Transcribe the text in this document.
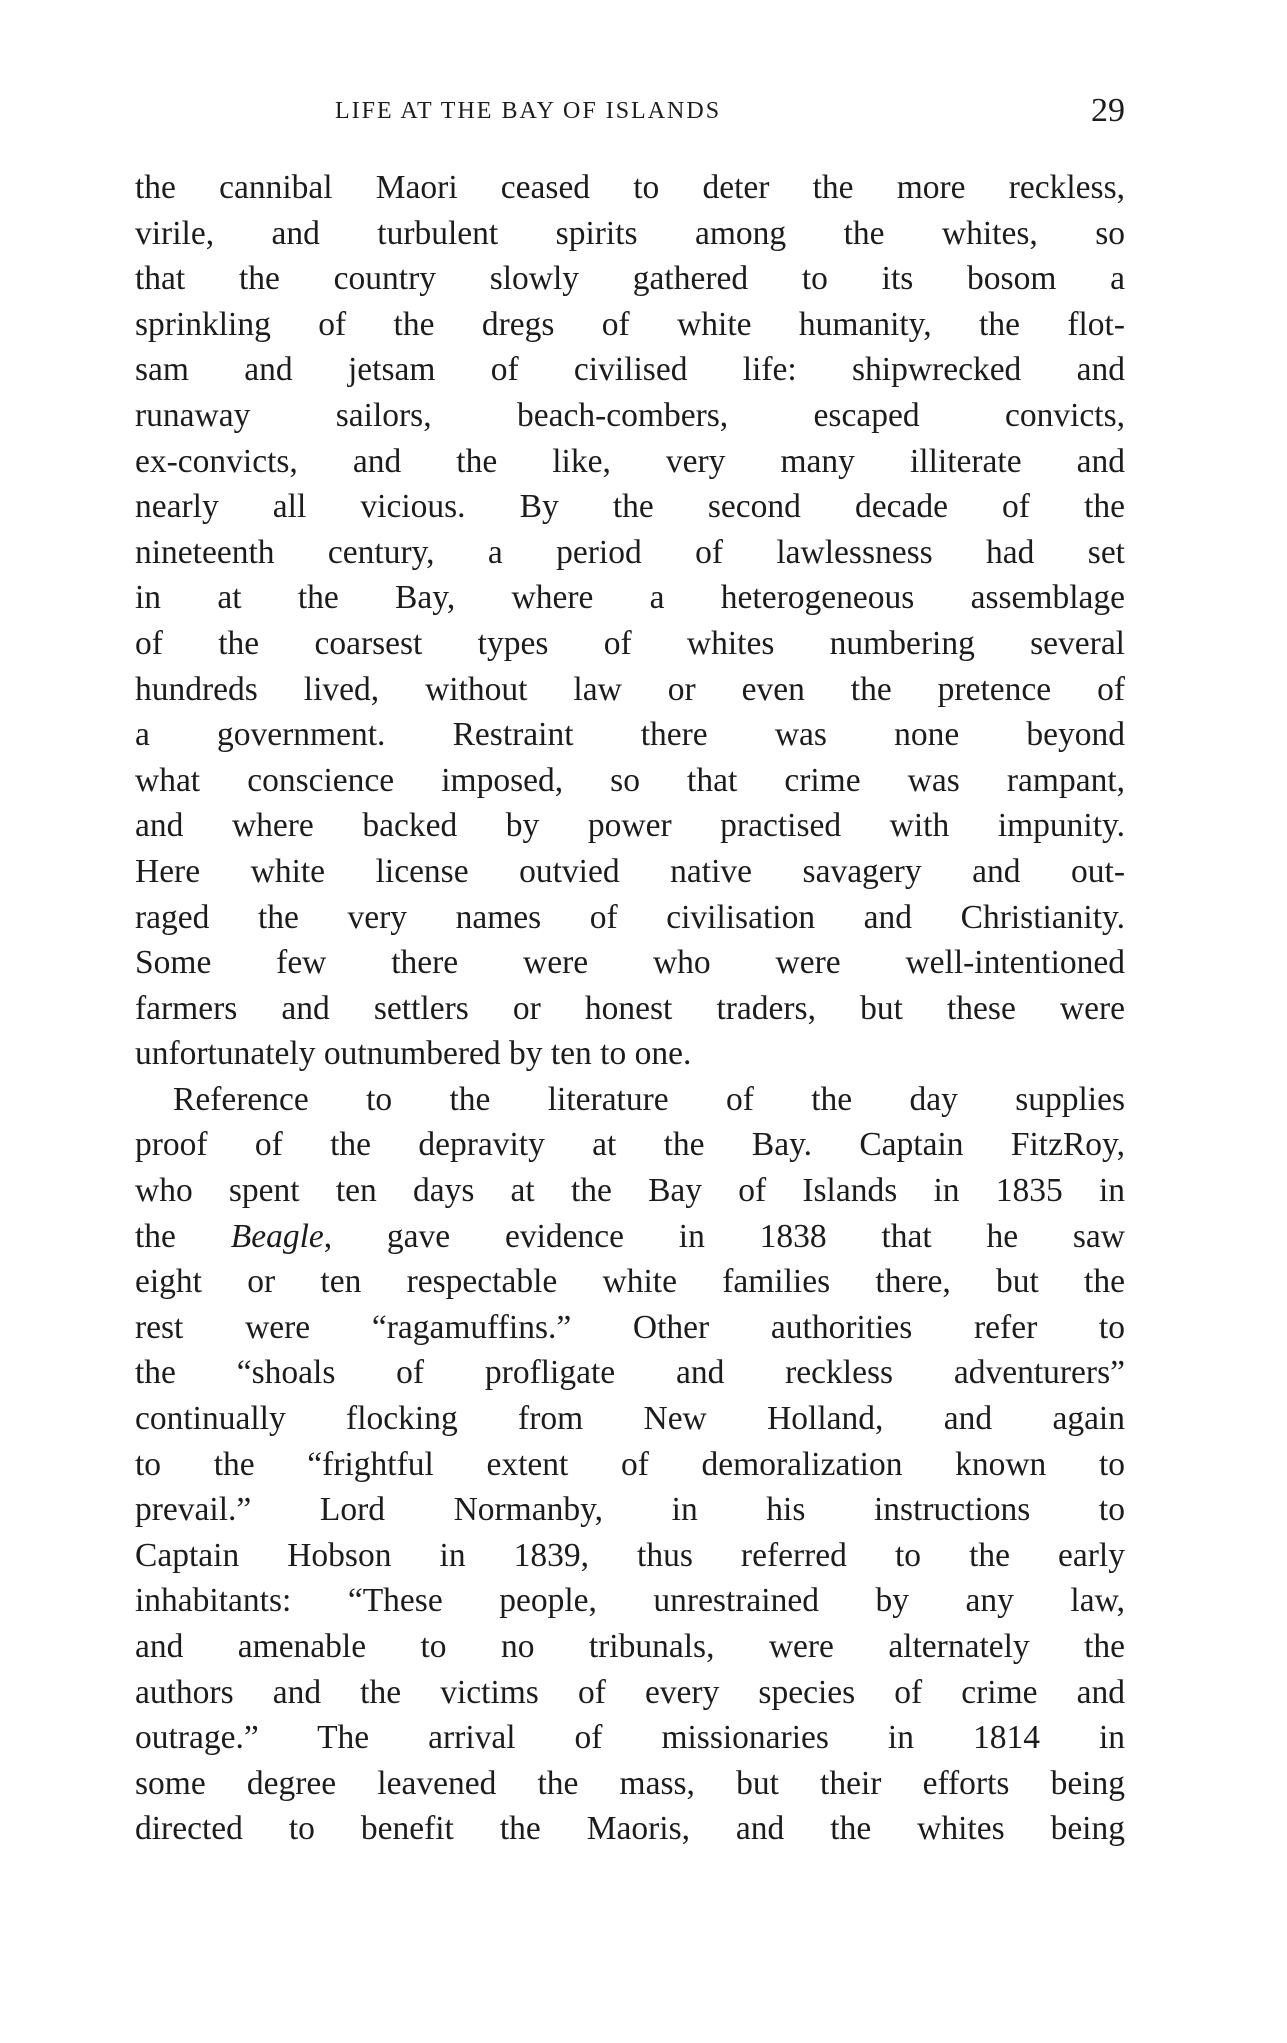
LIFE AT THE BAY OF ISLANDS	29
the cannibal Maori ceased to deter the more reckless,
virile, and turbulent spirits among the whites, so
that the country slowly gathered to its bosom a
sprinkling of the dregs of white humanity, the flot-
sam and jetsam of civilised life: shipwrecked and
runaway sailors, beach-combers, escaped convicts,
ex-convicts, and the like, very many illiterate and
nearly all vicious. By the second decade of the
nineteenth century, a period of lawlessness had set
in at the Bay, where a heterogeneous assemblage
of the coarsest types of whites numbering several
hundreds lived, without law or even the pretence of
a government. Restraint there was none beyond
what conscience imposed, so that crime was rampant,
and where backed by power practised with impunity.
Here white license outvied native savagery and out-
raged the very names of civilisation and Christianity.
Some few there were who were well-intentioned
farmers and settlers or honest traders, but these were
unfortunately outnumbered by ten to one.
Reference to the literature of the day supplies
proof of the depravity at the Bay. Captain FitzRoy,
who spent ten days at the Bay of Islands in 1835 in
the Beagle, gave evidence in 1838 that he saw
eight or ten respectable white families there, but the
rest were “ragamuffins.” Other authorities refer to
the “shoals of profligate and reckless adventurers”
continually flocking from New Holland, and again
to the “frightful extent of demoralization known to
prevail.” Lord Normanby, in his instructions to
Captain Hobson in 1839, thus referred to the early
inhabitants: “These people, unrestrained by any law,
and amenable to no tribunals, were alternately the
authors and the victims of every species of crime and
outrage.” The arrival of missionaries in 1814 in
some degree leavened the mass, but their efforts being
directed to benefit the Maoris, and the whites being
